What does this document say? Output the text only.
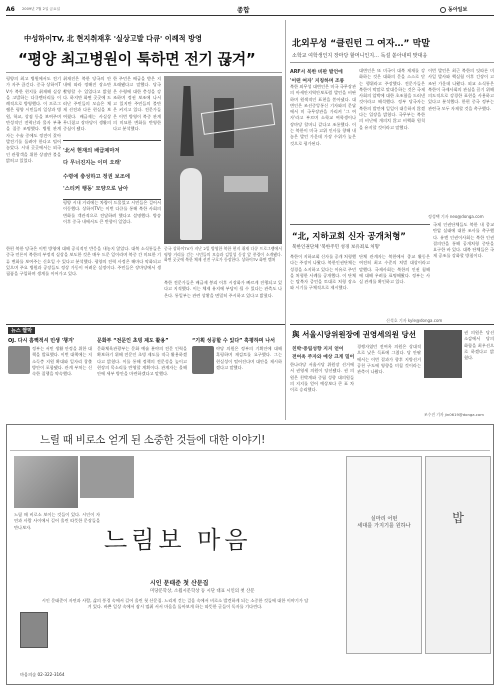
A6 2009년 7월 2일 금요일	종합	동아일보
中성하이TV, 北 현지취재후 '실상고발 다큐' 이례적 방영
“평양 최고병원이 툭하면 전기 끊겨”
평양의 최고 병원에서도 전기가 자주 끊긴다. 중국 상하이TV가 북한 현지를 취재해 실상을 고발하는 다큐멘터리를 이례적으로 방영했다. 이 프로그램은 평양 시민들의 일상과 병원, 학교, 상점 등을 보여주며 만성적인 전력난과 물자 부족을 집중 조명했다. 병원 관계자는 수술 중에도 정전이 잦아 발전기를 돌려야 한다고 털어놓았다. 시내 곳곳에서는 외국인 관광객을 위한 상점만 불을 밝히고 있었다.
취재진은 북한 당국의 안내에 따라 정해진 장소만 촬영할 수 있었다고 밝혔다. 하지만 화면 곳곳에 드러난 주민들의 모습은 체제 선전과 다른 현실을 보여줬다. 배급제는 사실상 무너졌고 장마당이 생활의 중심이 됐다.
한 주민은 배급을 받은 지 오래됐다고 말했다. 당국은 수령에 대한 충성을 강조하며 정권 보조에 나서고 있지만 주민들의 불만은 커지고 있다. 전문가들은 이번 방영이 북중 관계의 미묘한 변화를 반영한다고 분석했다.
'北서 현재의 배급제마저
다 무너진지는 이미 오래'
수령에 충성하고 정권 보조에
'스티커 행동' 모양으로 남아
평양 시내 거리에는 차량이 드물었고 시민들은 걸어서 이동했다. 상하이TV는 이번 다큐를 통해 북한 사회의 변화를 객관적으로 전달하려 했다고 설명했다. 방송 이후 중국 내에서도 큰 반향이 일었다.
중국 상하이TV가 지난 2일 방영한 북한 현지 취재 다큐 프로그램에서 평양 거리를 걷는 시민들의 모습과 김일성 동상 앞 풍경이 소개됐다. 화면 곳곳에 북한 체제 선전 구호가 등장한다. 상하이TV 화면 캡처
한편 북한 당국은 이번 방영에 대해 공식적인 반응을 내놓지 않았다. 대북 소식통들은 중국 언론이 북한의 부정적 실상을 보도한 것은 매우 드문 일이라며 북중 간 미묘한 기류 변화를 보여주는 신호일 수 있다고 분석했다. 평양의 전력 사정은 해마다 악화되고 있으며 주요 병원과 공장들도 정상 가동이 어려운 실정이다. 주민들은 장마당에서 생필품을 구입하며 생계를 이어가고 있다.
북한 전문가들은 배급제 붕괴 이후 시장화가 빠르게 진행되고 있다고 지적했다. 이는 체제 유지에 부담이 될 수 있다는 관측도 나온다. 통일부는 관련 상황을 면밀히 주시하고 있다고 밝혔다.
北외무성 “클린턴 그 여자…” 막말
소학교 여학생인지 장마당 할머니인지… 독설 쏟아내며 맞대응
ARF서 북한 비판 발언에
'어떤 여자' 지칭하며 조롱
북한 외무성 대변인은 미국 국무장관의 아세안지역안보포럼 발언을 비판하며 원색적인 표현을 쏟아냈다. 대변인은 조선중앙통신 기자와의 문답에서 미 국무장관을 가리켜 '그 여자'라고 부르며 소학교 여학생이나 장마당 할머니 같다고 조롱했다. 이는 북한이 미국 고위 인사를 향해 내놓은 발언 가운데 가장 수위가 높은 것으로 평가된다.
대변인은 또 미국이 대북 제재를 강화하는 것은 대화의 문을 스스로 닫는 행위라고 주장했다. 전문가들은 북한이 막말로 맞대응하는 것은 국제사회의 압박에 대한 초조함을 드러낸 것이라고 해석했다. 정부 당국자는 북한의 발언에 일일이 대응하지 않겠다는 입장을 밝혔다. 국무부는 북한의 비난에 개의치 않고 비핵화 원칙을 유지할 것이라고 말했다.
이번 발언은 최근 북한의 잇따른 미사일 발사와 핵실험 이후 긴장이 고조된 가운데 나왔다. 외교 소식통은 북한이 국제사회의 관심을 끌기 위해 의도적으로 강경한 표현을 사용하고 있다고 분석했다. 한편 중국 정부는 관련국 모두 자제할 것을 촉구했다.
정성택 기자 neo@donga.com
“北, 지하교회 신자 공개처형”
북한인권단체 '북한주민 성경 보유죄로 처형'
북한이 지하교회 신자를 공개 처형했다는 주장이 나왔다. 북한인권단체는 성경을 소지하고 있다는 이유로 주민을 처형한 사례를 공개했다. 이 단체는 탈북자 증언을 토대로 처형 장소와 시기를 구체적으로 제시했다.
단체 관계자는 북한에서 종교 활동은 여전히 최고 수준의 처벌 대상이라고 말했다. 국제사회는 북한의 인권 침해에 대해 우려를 표명해왔다. 정부는 사실 관계를 확인하고 있다.
신석호 기자 kyle@donga.com
국제 인권단체들도 북한 내 종교 탄압 실태에 대한 조사를 촉구했다. 유엔 인권이사회는 북한 인권 결의안을 통해 공개처형 중단을 요구한 바 있다. 대북 단체들은 국제 공조를 강화할 방침이다.
뉴스 짤막
OJ. 다시 흠뻑적셔 민생 '챙겨'
정부는 서민 생활 안정을 위한 대책을 발표했다. 이번 대책에는 저소득층 지원 확대와 일자리 창출 방안이 포함됐다. 관계 부처는 신속한 집행을 약속했다.
문화부 “전문인 초빙 제도 활용”
문화체육관광부는 문화 예술 분야의 전문 인력을 확보하기 위해 전문인 초빙 제도를 적극 활용하겠다고 밝혔다. 이를 통해 정책의 전문성을 높이고 현장의 목소리를 반영할 계획이다. 관계자는 올해 안에 세부 방안을 마련하겠다고 말했다.
“기획 성공할 수 있다” 혹평하며 나서
야당 의원은 정부의 기획안에 대해 혹평하며 재검토를 요구했다. 그는 현실성이 떨어진다며 대안을 제시하겠다고 말했다.
與 서울시당위원장에 권영세의원 당선
친박·중립성향 지지 얻어
전여옥 주자와 예상 크게 밀어
한나라당 서울시당 위원장 선거에서 권영세 의원이 당선됐다. 권 의원은 친박계와 중립 성향 대의원들의 지지를 얻어 예상보다 큰 표 차이로 승리했다.
경쟁자였던 전여옥 의원은 상대적으로 낮은 득표에 그쳤다. 당 안팎에서는 이번 결과가 향후 지방선거 공천 구도에 영향을 미칠 것이라는 관측이 나왔다.
권 의원은 당선 소감에서 당의 화합을 최우선으로 하겠다고 밝혔다.
조수진 기자 jin0619@donga.com
느릴 때 비로소 얻게 된 소중한 것들에 대한 이야기!
느림보 마음
느릴 때 비로소 보이는 것들이 있다. 시인이 자연과 사람 사이에서 길어 올린 따뜻한 문장들을 만나보자.
시인 문태준 첫 산문집
미당문학상, 소월시문학상 등 시단 대표 시인의 첫 산문
시인 문태준이 자연과 사람, 삶의 풍경 속에서 길어 올린 첫 산문집. 느리게 걷는 걸음 속에서 비로소 발견하게 되는 소중한 것들에 대한 이야기가 담겨 있다. 바쁜 일상 속에서 잠시 멈춰 서서 마음을 돌아보게 하는 따뜻한 글들이 독자를 기다린다.
마음의숲 02-322-3164
실마리 어떤
세대를 가지기를 원하나
밥
